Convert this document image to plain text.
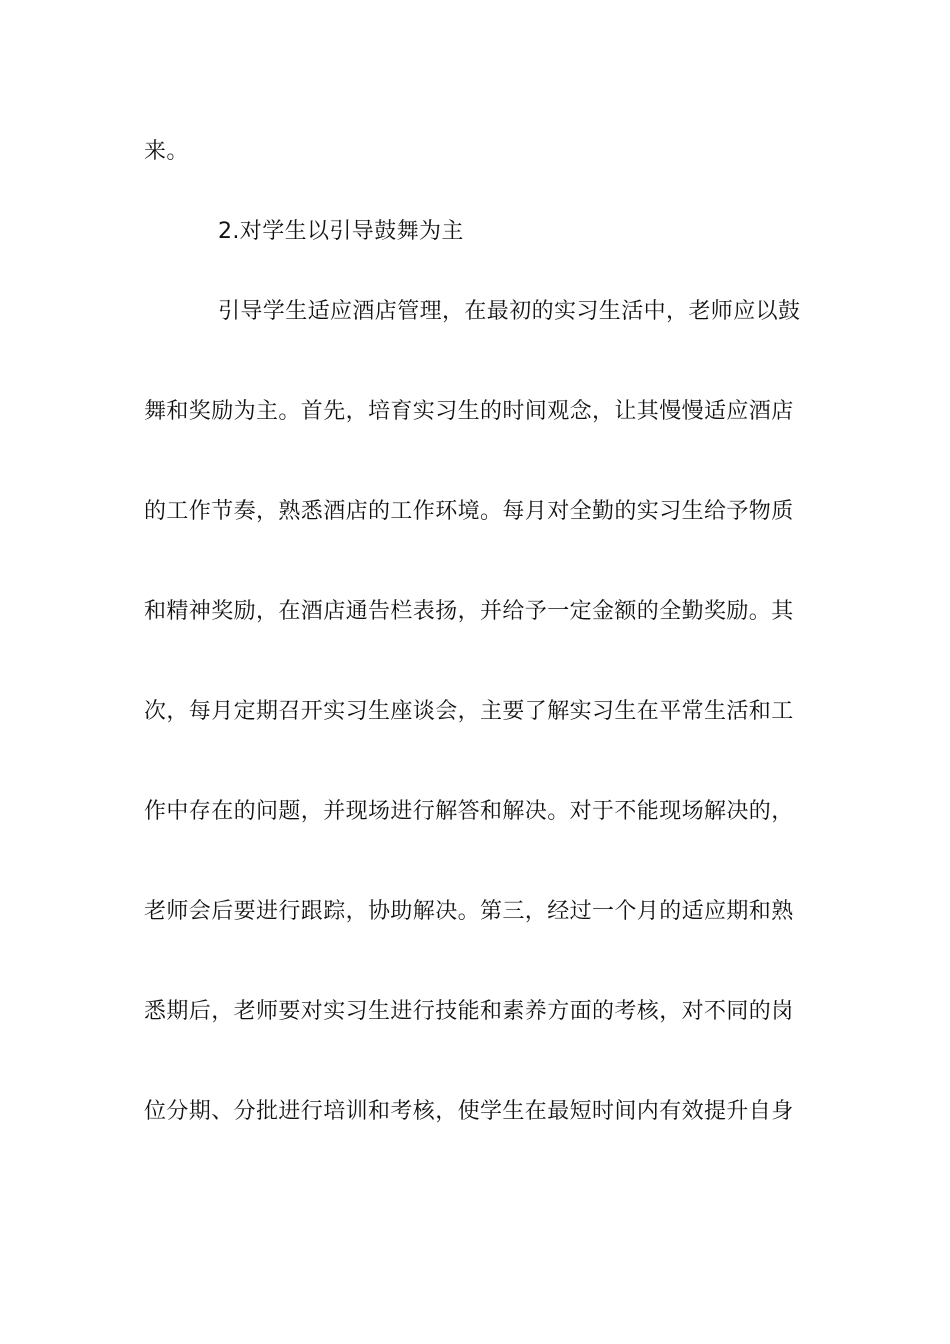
来。
2.对学生以引导鼓舞为主
引导学生适应酒店管理，在最初的实习生活中，老师应以鼓
舞和奖励为主。首先，培育实习生的时间观念，让其慢慢适应酒店
的工作节奏，熟悉酒店的工作环境。每月对全勤的实习生给予物质
和精神奖励，在酒店通告栏表扬，并给予一定金额的全勤奖励。其
次，每月定期召开实习生座谈会，主要了解实习生在平常生活和工
作中存在的问题，并现场进行解答和解决。对于不能现场解决的，
老师会后要进行跟踪，协助解决。第三，经过一个月的适应期和熟
悉期后，老师要对实习生进行技能和素养方面的考核，对不同的岗
位分期、分批进行培训和考核，使学生在最短时间内有效提升自身
